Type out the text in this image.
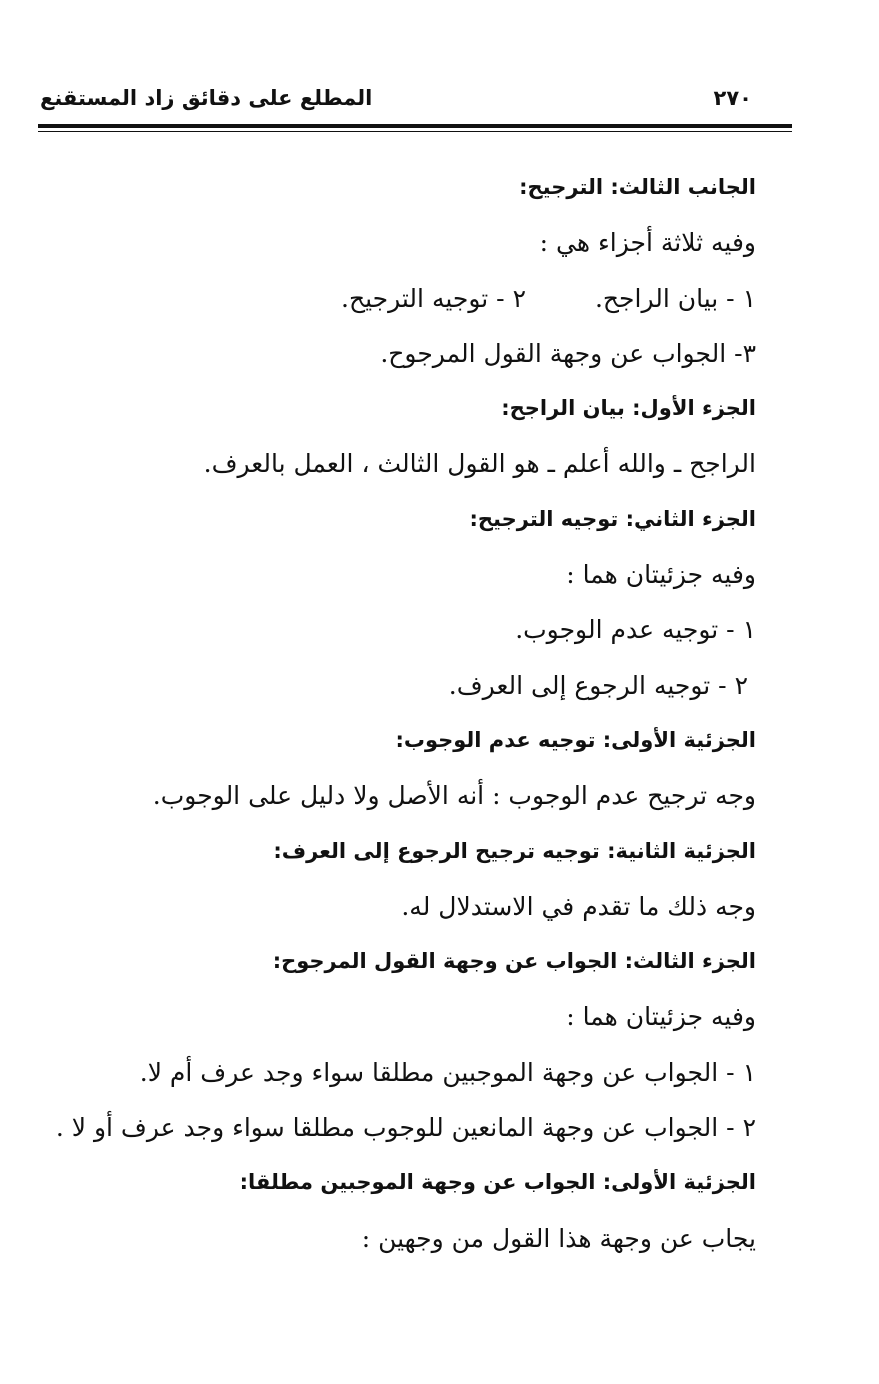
٢٧٠
المطلع على دقائق زاد المستقنع
الجانب الثالث: الترجيح:
وفيه ثلاثة أجزاء هي :
١ - بيان الراجح.
٢ - توجيه الترجيح.
٣- الجواب عن وجهة القول المرجوح.
الجزء الأول: بيان الراجح:
الراجح ـ والله أعلم ـ هو القول الثالث ، العمل بالعرف.
الجزء الثاني: توجيه الترجيح:
وفيه جزئيتان هما :
١ - توجيه عدم الوجوب.
٢ - توجيه الرجوع إلى العرف.
الجزئية الأولى: توجيه عدم الوجوب:
وجه ترجيح عدم الوجوب : أنه الأصل ولا دليل على الوجوب.
الجزئية الثانية: توجيه ترجيح الرجوع إلى العرف:
وجه ذلك ما تقدم في الاستدلال له.
الجزء الثالث: الجواب عن وجهة القول المرجوح:
وفيه جزئيتان هما :
١ - الجواب عن وجهة الموجبين مطلقا سواء وجد عرف أم لا.
٢ - الجواب عن وجهة المانعين للوجوب مطلقا سواء وجد عرف أو لا .
الجزئية الأولى: الجواب عن وجهة الموجبين مطلقا:
يجاب عن وجهة هذا القول من وجهين :
